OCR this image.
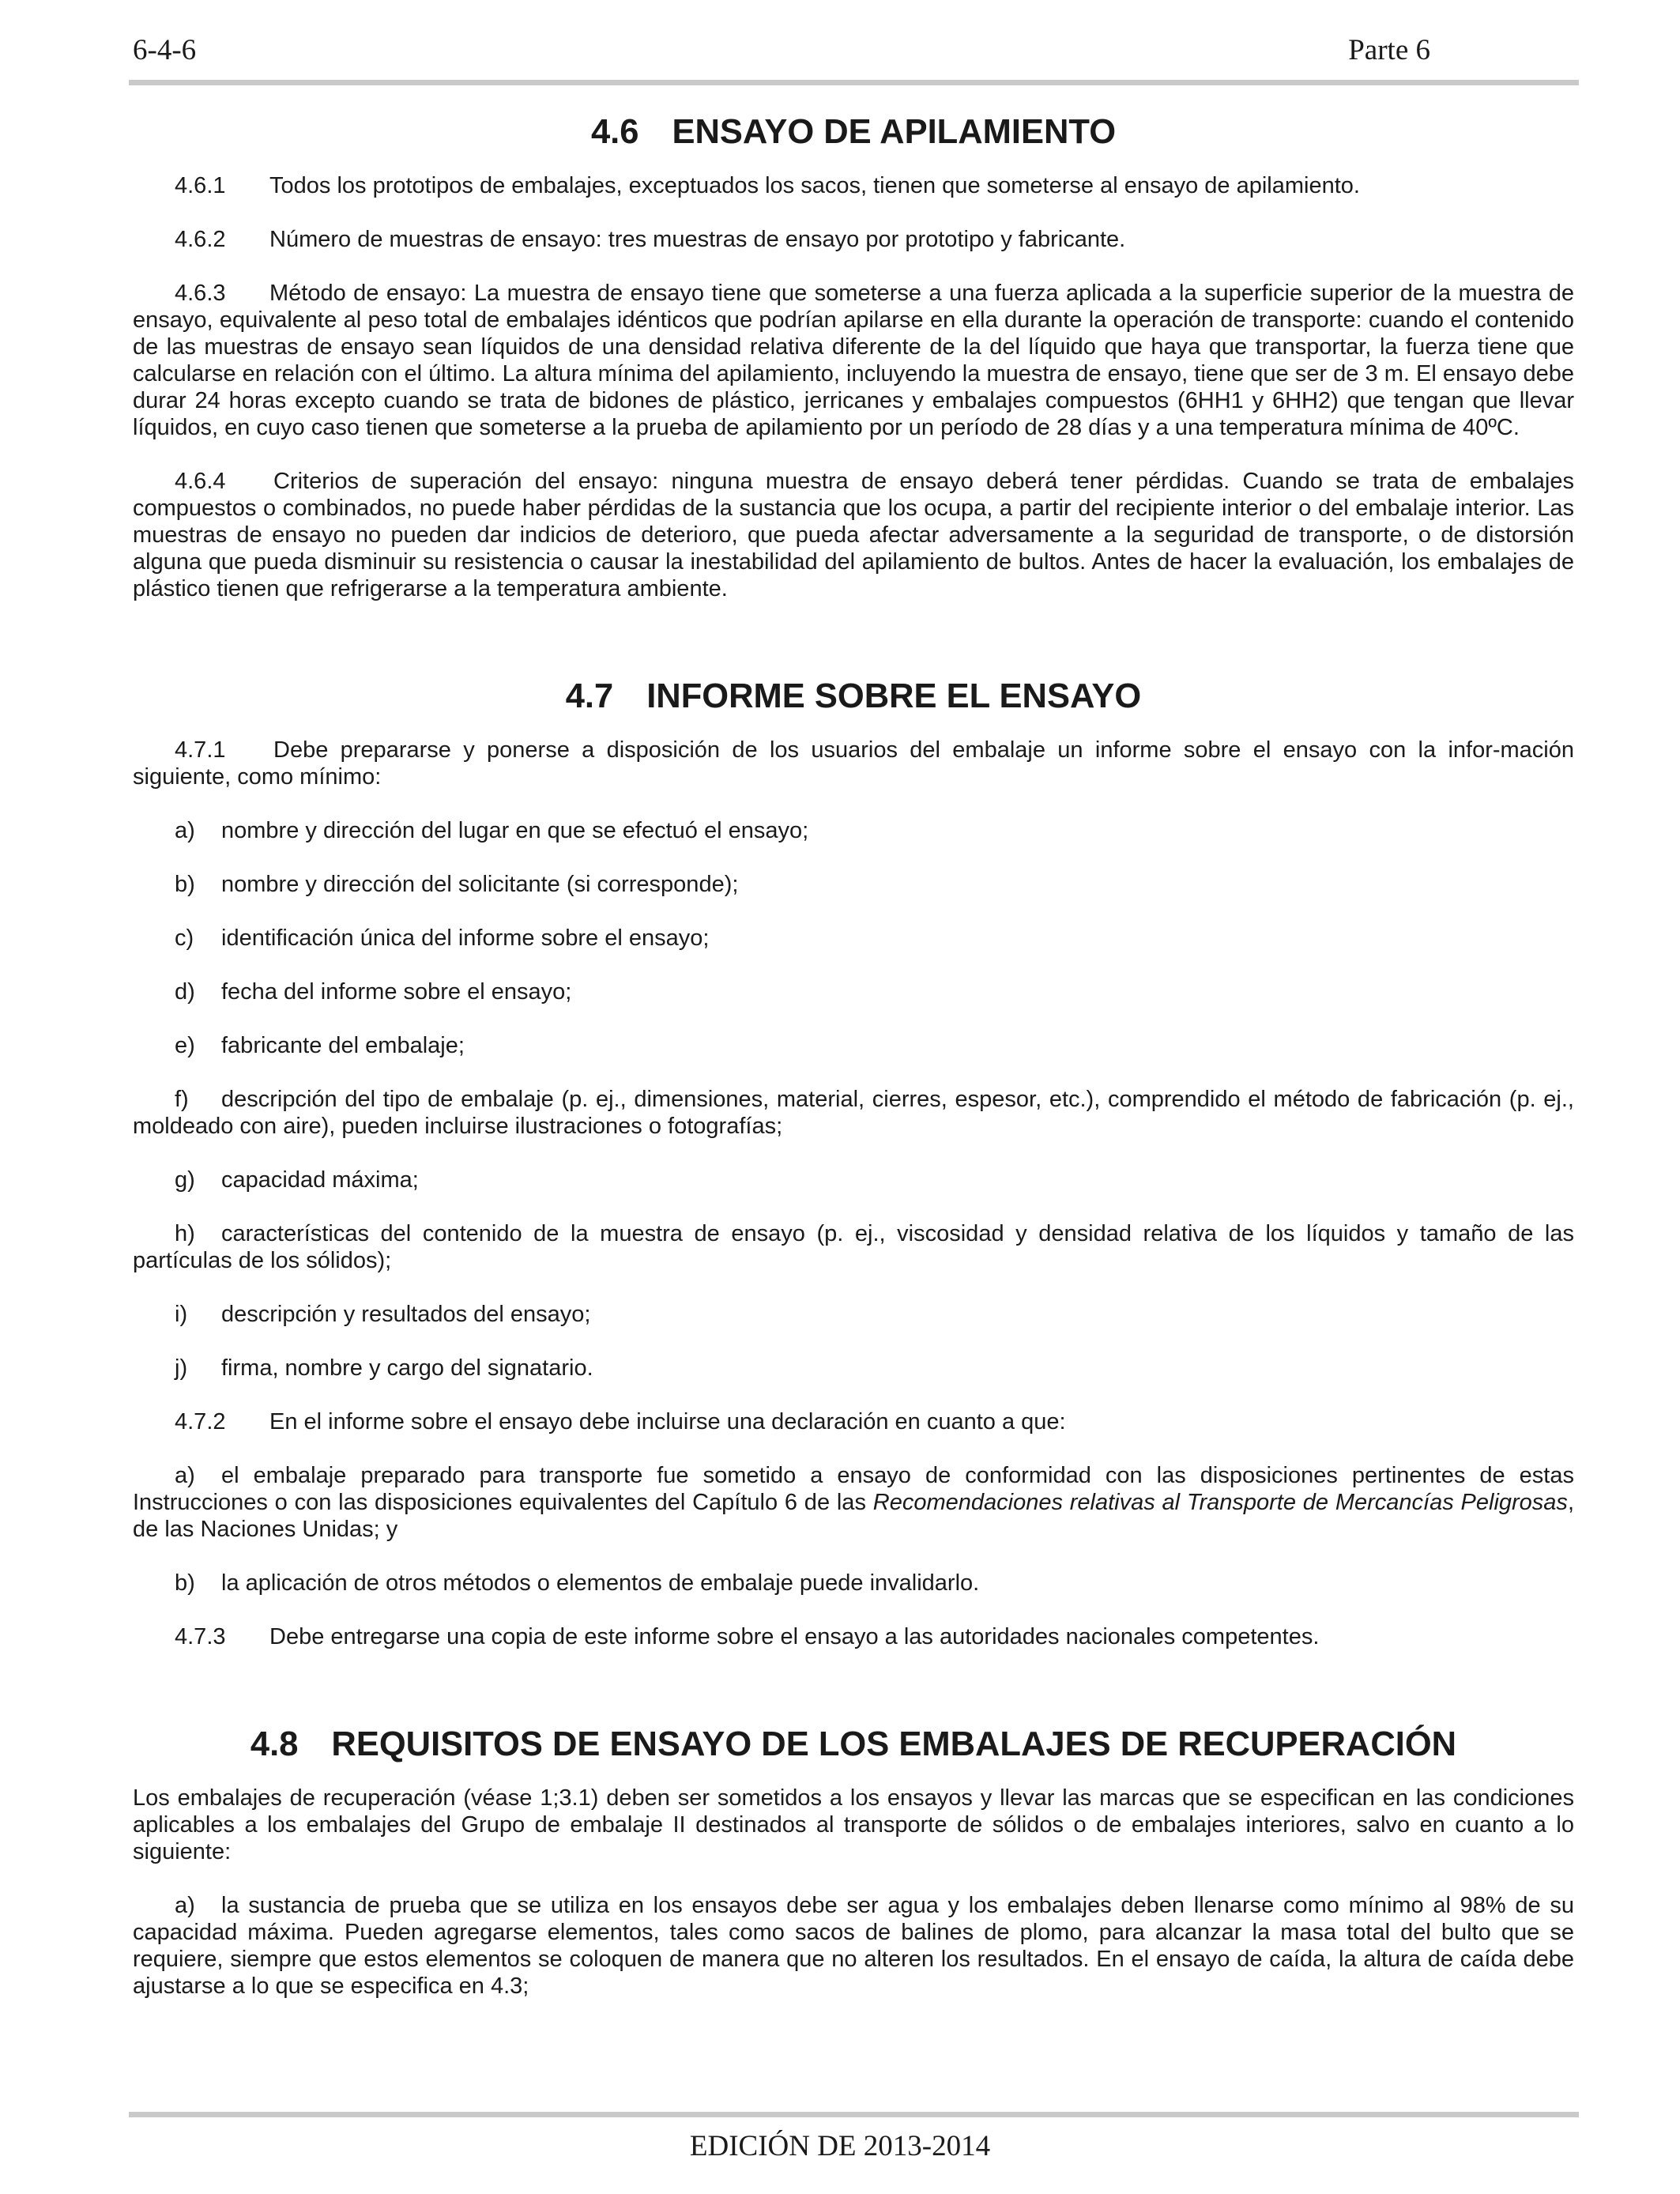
6-4-6	Parte 6
4.6 ENSAYO DE APILAMIENTO

4.6.1 Todos los prototipos de embalajes, exceptuados los sacos, tienen que someterse al ensayo de apilamiento.

4.6.2 Número de muestras de ensayo: tres muestras de ensayo por prototipo y fabricante.

4.6.3 Método de ensayo: La muestra de ensayo tiene que someterse a una fuerza aplicada a la superficie superior de la muestra de ensayo, equivalente al peso total de embalajes idénticos que podrían apilarse en ella durante la operación de transporte: cuando el contenido de las muestras de ensayo sean líquidos de una densidad relativa diferente de la del líquido que haya que transportar, la fuerza tiene que calcularse en relación con el último. La altura mínima del apilamiento, incluyendo la muestra de ensayo, tiene que ser de 3 m. El ensayo debe durar 24 horas excepto cuando se trata de bidones de plástico, jerricanes y embalajes compuestos (6HH1 y 6HH2) que tengan que llevar líquidos, en cuyo caso tienen que someterse a la prueba de apilamiento por un período de 28 días y a una temperatura mínima de 40ºC.

4.6.4 Criterios de superación del ensayo: ninguna muestra de ensayo deberá tener pérdidas. Cuando se trata de embalajes compuestos o combinados, no puede haber pérdidas de la sustancia que los ocupa, a partir del recipiente interior o del embalaje interior. Las muestras de ensayo no pueden dar indicios de deterioro, que pueda afectar adversamente a la seguridad de transporte, o de distorsión alguna que pueda disminuir su resistencia o causar la inestabilidad del apilamiento de bultos. Antes de hacer la evaluación, los embalajes de plástico tienen que refrigerarse a la temperatura ambiente.

4.7 INFORME SOBRE EL ENSAYO

4.7.1 Debe prepararse y ponerse a disposición de los usuarios del embalaje un informe sobre el ensayo con la infor-mación siguiente, como mínimo:

a) nombre y dirección del lugar en que se efectuó el ensayo;

b) nombre y dirección del solicitante (si corresponde);

c) identificación única del informe sobre el ensayo;

d) fecha del informe sobre el ensayo;

e) fabricante del embalaje;

f) descripción del tipo de embalaje (p. ej., dimensiones, material, cierres, espesor, etc.), comprendido el método de fabricación (p. ej., moldeado con aire), pueden incluirse ilustraciones o fotografías;

g) capacidad máxima;

h) características del contenido de la muestra de ensayo (p. ej., viscosidad y densidad relativa de los líquidos y tamaño de las partículas de los sólidos);

i) descripción y resultados del ensayo;

j) firma, nombre y cargo del signatario.

4.7.2 En el informe sobre el ensayo debe incluirse una declaración en cuanto a que:

a) el embalaje preparado para transporte fue sometido a ensayo de conformidad con las disposiciones pertinentes de estas Instrucciones o con las disposiciones equivalentes del Capítulo 6 de las Recomendaciones relativas al Transporte de Mercancías Peligrosas, de las Naciones Unidas; y

b) la aplicación de otros métodos o elementos de embalaje puede invalidarlo.

4.7.3 Debe entregarse una copia de este informe sobre el ensayo a las autoridades nacionales competentes.

4.8 REQUISITOS DE ENSAYO DE LOS EMBALAJES DE RECUPERACIÓN

Los embalajes de recuperación (véase 1;3.1) deben ser sometidos a los ensayos y llevar las marcas que se especifican en las condiciones aplicables a los embalajes del Grupo de embalaje II destinados al transporte de sólidos o de embalajes interiores, salvo en cuanto a lo siguiente:

a) la sustancia de prueba que se utiliza en los ensayos debe ser agua y los embalajes deben llenarse como mínimo al 98% de su capacidad máxima. Pueden agregarse elementos, tales como sacos de balines de plomo, para alcanzar la masa total del bulto que se requiere, siempre que estos elementos se coloquen de manera que no alteren los resultados. En el ensayo de caída, la altura de caída debe ajustarse a lo que se especifica en 4.3;

EDICIÓN DE 2013-2014
